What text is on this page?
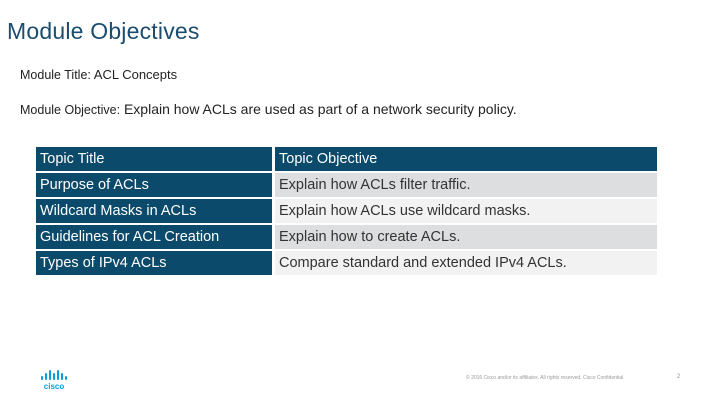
Module Objectives
Module Title: ACL Concepts
Module Objective: Explain how ACLs are used as part of a network security policy.
Topic Title		Topic Objective
Purpose of ACLs		Explain how ACLs filter traffic.
Wildcard Masks in ACLs		Explain how ACLs use wildcard masks.
Guidelines for ACL Creation		Explain how to create ACLs.
Types of IPv4 ACLs		Compare standard and extended IPv4 ACLs.
cisco
© 2016 Cisco and/or its affiliates. All rights reserved. Cisco Confidential	2
